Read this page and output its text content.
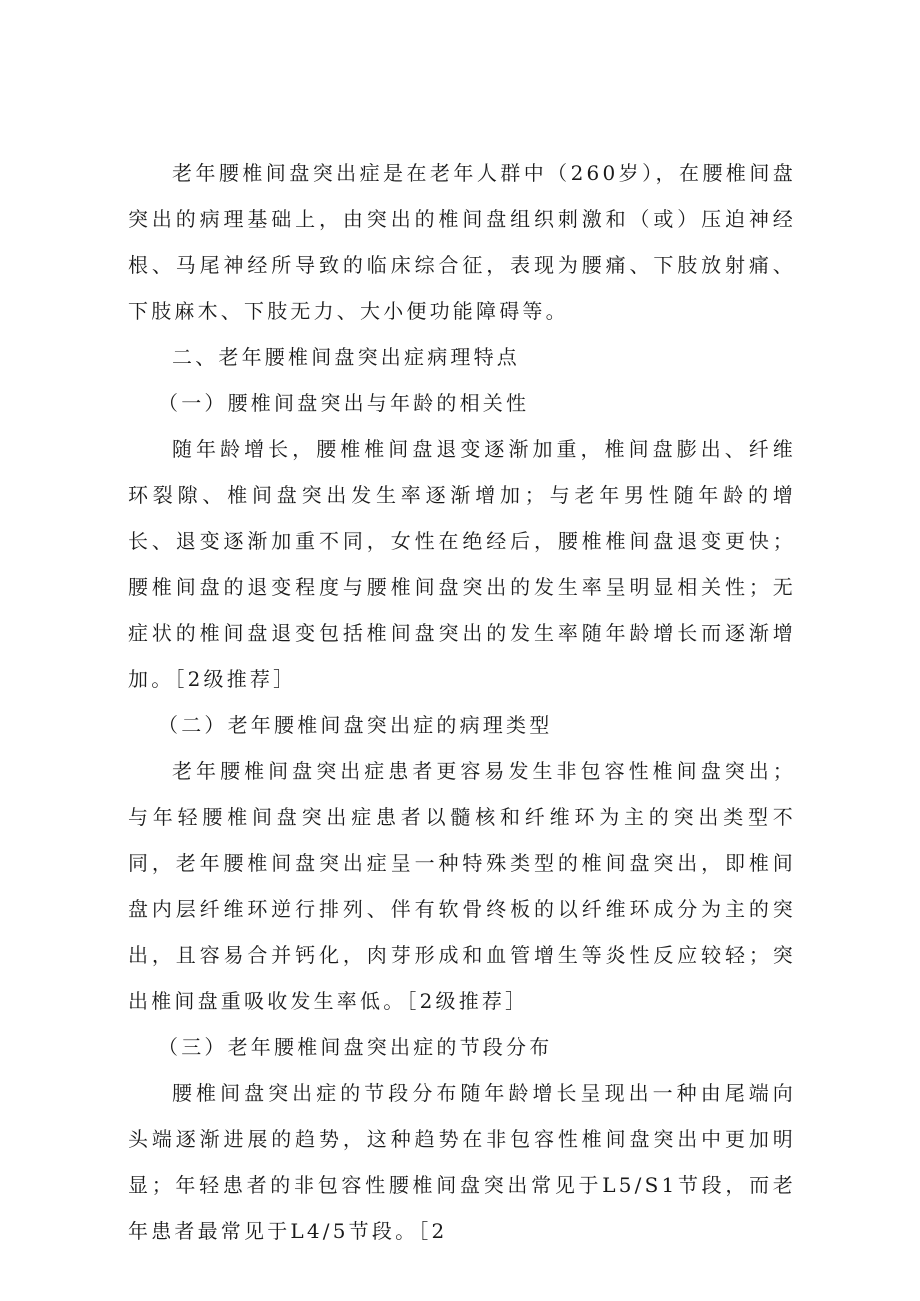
老年腰椎间盘突出症是在老年人群中（260岁），在腰椎间盘突出的病理基础上，由突出的椎间盘组织刺激和（或）压迫神经根、马尾神经所导致的临床综合征，表现为腰痛、下肢放射痛、下肢麻木、下肢无力、大小便功能障碍等。

二、老年腰椎间盘突出症病理特点

（一）腰椎间盘突出与年龄的相关性

随年龄增长，腰椎椎间盘退变逐渐加重，椎间盘膨出、纤维环裂隙、椎间盘突出发生率逐渐增加；与老年男性随年龄的增长、退变逐渐加重不同，女性在绝经后，腰椎椎间盘退变更快；腰椎间盘的退变程度与腰椎间盘突出的发生率呈明显相关性；无症状的椎间盘退变包括椎间盘突出的发生率随年龄增长而逐渐增加。［2级推荐］

（二）老年腰椎间盘突出症的病理类型

老年腰椎间盘突出症患者更容易发生非包容性椎间盘突出；与年轻腰椎间盘突出症患者以髓核和纤维环为主的突出类型不同，老年腰椎间盘突出症呈一种特殊类型的椎间盘突出，即椎间盘内层纤维环逆行排列、伴有软骨终板的以纤维环成分为主的突出，且容易合并钙化，肉芽形成和血管增生等炎性反应较轻；突出椎间盘重吸收发生率低。［2级推荐］

（三）老年腰椎间盘突出症的节段分布

腰椎间盘突出症的节段分布随年龄增长呈现出一种由尾端向头端逐渐进展的趋势，这种趋势在非包容性椎间盘突出中更加明显；年轻患者的非包容性腰椎间盘突出常见于L5/S1节段，而老年患者最常见于L4/5节段。［2
